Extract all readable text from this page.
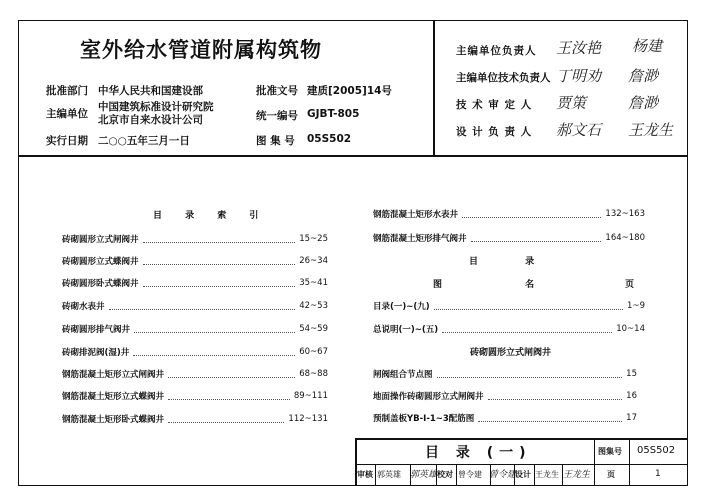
室外给水管道附属构筑物
批准部门 中华人民共和国建设部
主编单位
中国建筑标准设计研究院
北京市自来水设计公司
实行日期 二○○五年三月一日
批准文号 建质[2005]14号
统一编号 GJBT-805
图 集 号 05S502
主编单位负责人 王汝艳 杨建
主编单位技术负责人 丁明劝 詹渺
技 术 审 定 人 贾策	詹渺
设 计 负 责 人 郝文石 王龙生
目 录 索 引
砖砌圆形立式闸阀井	15~25
砖砌圆形立式蝶阀井	26~34
砖砌圆形卧式蝶阀井	35~41
砖砌水表井	42~53
砖砌圆形排气阀井	54~59
砖砌排泥阀(湿)井	60~67
钢筋混凝土矩形立式闸阀井	68~88
钢筋混凝土矩形立式蝶阀井	89~111
钢筋混凝土矩形卧式蝶阀井	112~131
钢筋混凝土矩形水表井	132~163
钢筋混凝土矩形排气阀井	164~180
目 录
图 名	页
目录(一)~(九)	1~9
总说明(一)~(五)	10~14
砖砌圆形立式闸阀井
闸阀组合节点图	15
地面操作砖砌圆形立式闸阀井	16
预制盖板YB-Ⅰ-1~3配筋图	17
目 录 (一)	图集号 05S502
审核 郭英雄 郭英雄 校对 曾令建 曾令建
设计 王龙生 王龙生 页	1
